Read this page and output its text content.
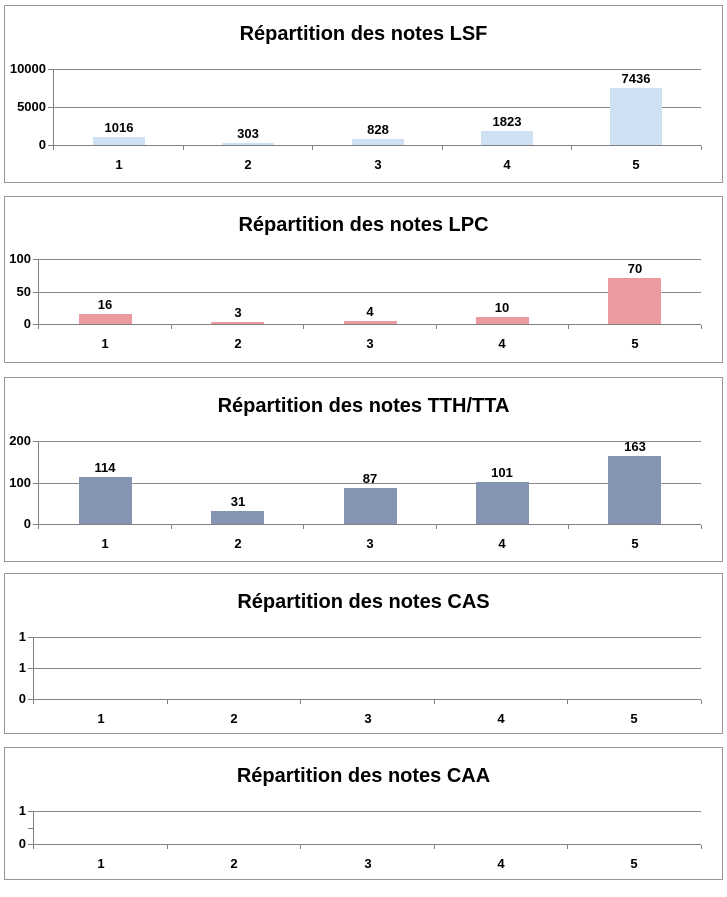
Répartition des notes LSF
1016	303	828
1823
7436
10000
5000
0
1	2	3	4	5
Répartition des notes LPC
16
3	4	10
70
100
50
0
1	2	3	4	5
Répartition des notes TTH/TTA
114
31
87	101
163
200
100
0
1	2	3	4	5
Répartition des notes CAS
1
1
0
1	2	3	4	5
Répartition des notes CAA
1
0
1	2	3	4	5
